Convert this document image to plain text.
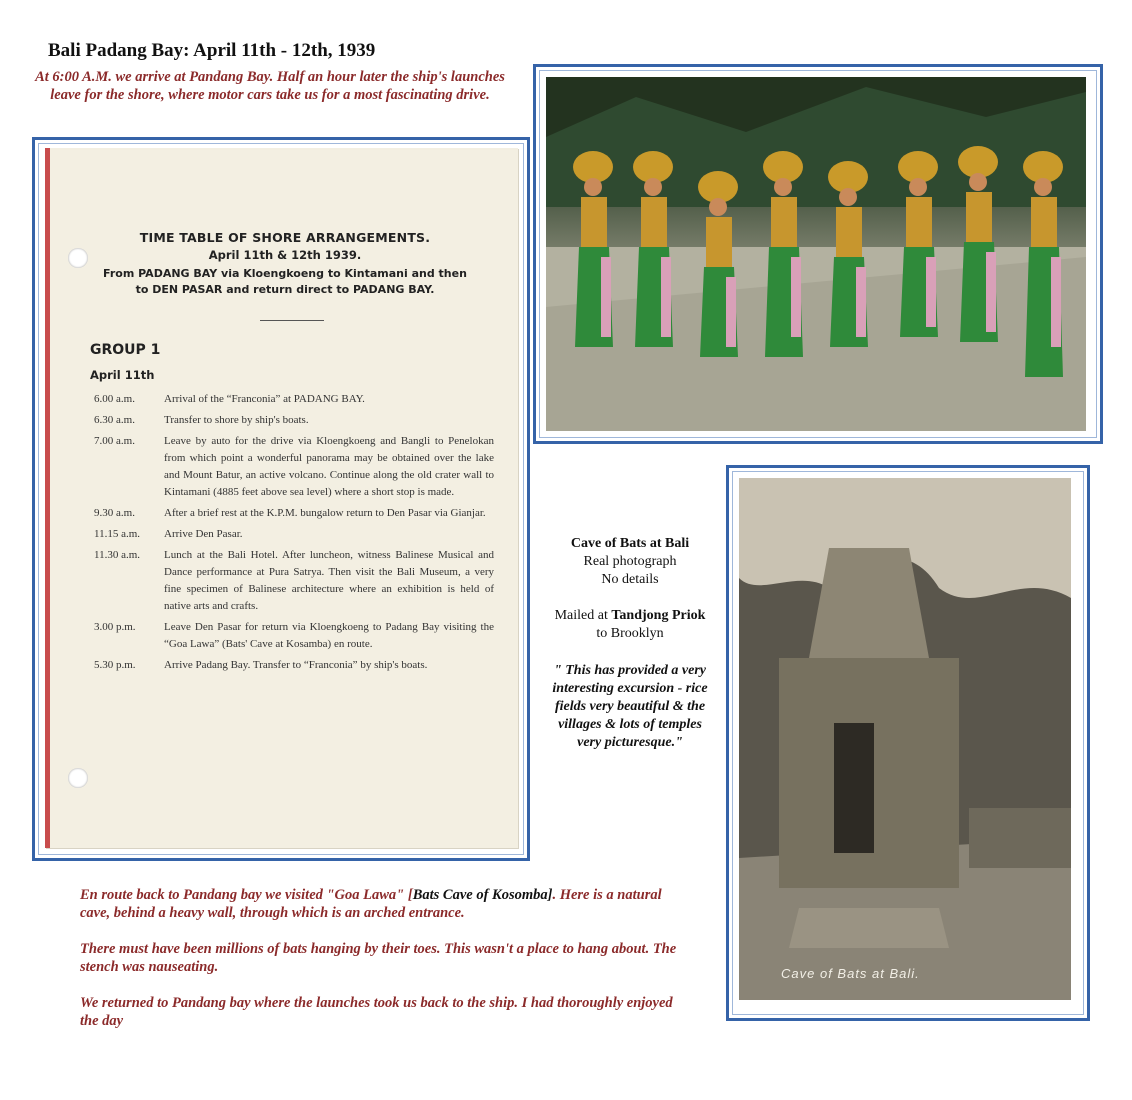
Bali Padang Bay: April 11th - 12th, 1939
At 6:00 A.M. we arrive at Pandang Bay. Half an hour later the ship's launches leave for the shore, where motor cars take us for a most fascinating drive.
TIME TABLE OF SHORE ARRANGEMENTS.
April 11th & 12th 1939.
From PADANG BAY via Kloengkoeng to Kintamani and then
to DEN PASAR and return direct to PADANG BAY.
GROUP 1
April 11th
6.00 a.m.	Arrival of the “Franconia” at PADANG BAY.
6.30 a.m.	Transfer to shore by ship's boats.
7.00 a.m.	Leave by auto for the drive via Kloengkoeng and Bangli to Penelokan from which point a wonderful panorama may be obtained over the lake and Mount Batur, an active volcano. Continue along the old crater wall to Kintamani (4885 feet above sea level) where a short stop is made.
9.30 a.m.	After a brief rest at the K.P.M. bungalow return to Den Pasar via Gianjar.
11.15 a.m.	Arrive Den Pasar.
11.30 a.m.	Lunch at the Bali Hotel. After luncheon, witness Balinese Musical and Dance performance at Pura Satrya. Then visit the Bali Museum, a very fine specimen of Balinese architecture where an exhibition is held of native arts and crafts.
3.00 p.m.	Leave Den Pasar for return via Kloengkoeng to Padang Bay visiting the “Goa Lawa” (Bats' Cave at Kosamba) en route.
5.30 p.m.	Arrive Padang Bay. Transfer to “Franconia” by ship's boats.
Cave of Bats at Bali
Real photograph
No details
Mailed at Tandjong Priok to Brooklyn
" This has provided a very interesting excursion - rice fields very beautiful & the villages & lots of temples very picturesque."
Cave of Bats at Bali.

En route back to Pandang bay we visited "Goa Lawa" [Bats Cave of Kosomba]. Here is a natural cave, behind a heavy wall, through which is an arched entrance.

There must have been millions of bats hanging by their toes. This wasn't a place to hang about. The stench was nauseating.

We returned to Pandang bay where the launches took us back to the ship. I had thoroughly enjoyed the day
